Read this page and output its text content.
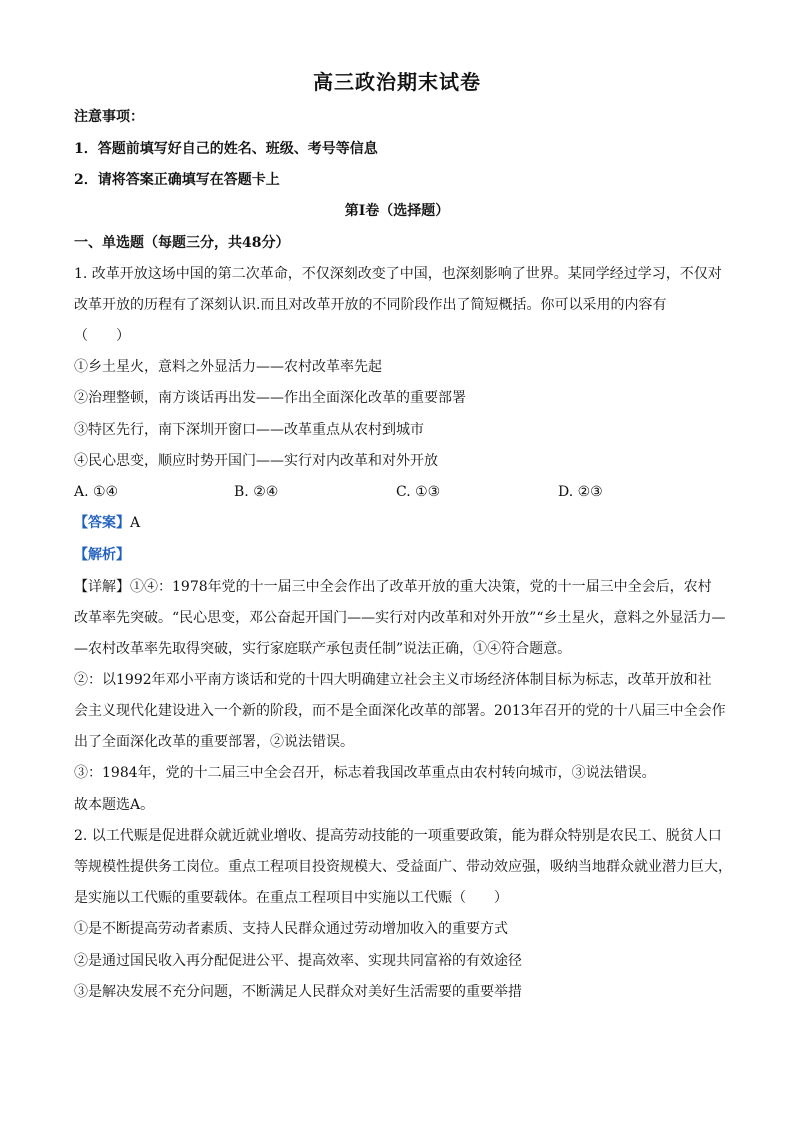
高三政治期末试卷
注意事项：
1．答题前填写好自己的姓名、班级、考号等信息
2．请将答案正确填写在答题卡上
第I卷（选择题）
一、单选题（每题三分，共48分）
1. 改革开放这场中国的第二次革命，不仅深刻改变了中国，也深刻影响了世界。某同学经过学习，不仅对
改革开放的历程有了深刻认识.而且对改革开放的不同阶段作出了简短概括。你可以采用的内容有
（　　）
①乡土星火，意料之外显活力——农村改革率先起
②治理整顿，南方谈话再出发——作出全面深化改革的重要部署
③特区先行，南下深圳开窗口——改革重点从农村到城市
④民心思变，顺应时势开国门——实行对内改革和对外开放
A. ①④	B. ②④	C. ①③	D. ②③
【答案】A
【解析】
【详解】①④：1978年党的十一届三中全会作出了改革开放的重大决策，党的十一届三中全会后，农村
改革率先突破。“民心思变，邓公奋起开国门——实行对内改革和对外开放”“乡土星火，意料之外显活力—
—农村改革率先取得突破，实行家庭联产承包责任制”说法正确，①④符合题意。
②：以1992年邓小平南方谈话和党的十四大明确建立社会主义市场经济体制目标为标志，改革开放和社
会主义现代化建设进入一个新的阶段，而不是全面深化改革的部署。2013年召开的党的十八届三中全会作
出了全面深化改革的重要部署，②说法错误。
③：1984年，党的十二届三中全会召开，标志着我国改革重点由农村转向城市，③说法错误。
故本题选A。
2. 以工代赈是促进群众就近就业增收、提高劳动技能的一项重要政策，能为群众特别是农民工、脱贫人口
等规模性提供务工岗位。重点工程项目投资规模大、受益面广、带动效应强，吸纳当地群众就业潜力巨大，
是实施以工代赈的重要载体。在重点工程项目中实施以工代赈（　　）
①是不断提高劳动者素质、支持人民群众通过劳动增加收入的重要方式
②是通过国民收入再分配促进公平、提高效率、实现共同富裕的有效途径
③是解决发展不充分问题，不断满足人民群众对美好生活需要的重要举措
